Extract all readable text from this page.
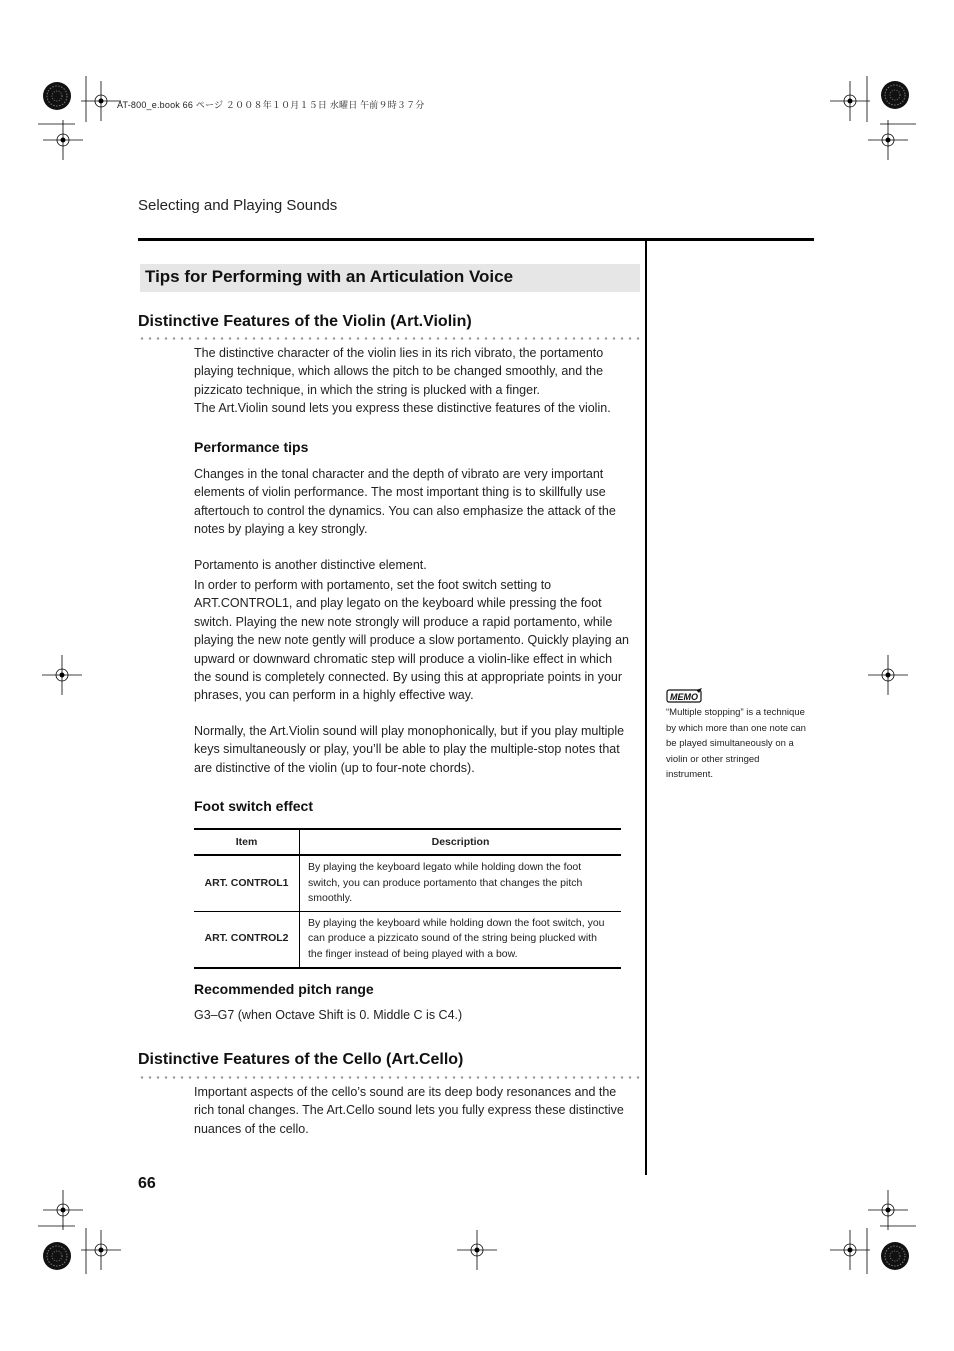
AT-800_e.book 66 ページ ２００８年１０月１５日 水曜日 午前９時３７分
Selecting and Playing Sounds
Tips for Performing with an Articulation Voice
Distinctive Features of the Violin (Art.Violin)

The distinctive character of the violin lies in its rich vibrato, the portamento playing technique, which allows the pitch to be changed smoothly, and the pizzicato technique, in which the string is plucked with a finger.

The Art.Violin sound lets you express these distinctive features of the violin.

Performance tips

Changes in the tonal character and the depth of vibrato are very important elements of violin performance. The most important thing is to skillfully use aftertouch to control the dynamics. You can also emphasize the attack of the notes by playing a key strongly.

Portamento is another distinctive element.

In order to perform with portamento, set the foot switch setting to ART.CONTROL1, and play legato on the keyboard while pressing the foot switch. Playing the new note strongly will produce a rapid portamento, while playing the new note gently will produce a slow portamento. Quickly playing an upward or downward chromatic step will produce a violin-like effect in which the sound is completely connected. By using this at appropriate points in your phrases, you can perform in a highly effective way.

Normally, the Art.Violin sound will play monophonically, but if you play multiple keys simultaneously or play, you’ll be able to play the multiple-stop notes that are distinctive of the violin (up to four-note chords).

Foot switch effect
Item	Description
ART. CONTROL1	By playing the keyboard legato while holding down the foot switch, you can produce portamento that changes the pitch smoothly.
ART. CONTROL2	By playing the keyboard while holding down the foot switch, you can produce a pizzicato sound of the string being plucked with the finger instead of being played with a bow.
Recommended pitch range

G3–G7 (when Octave Shift is 0. Middle C is C4.)

Distinctive Features of the Cello (Art.Cello)

Important aspects of the cello’s sound are its deep body resonances and the rich tonal changes. The Art.Cello sound lets you fully express these distinctive nuances of the cello.

MEMO
“Multiple stopping” is a technique by which more than one note can be played simultaneously on a violin or other stringed instrument.
66
